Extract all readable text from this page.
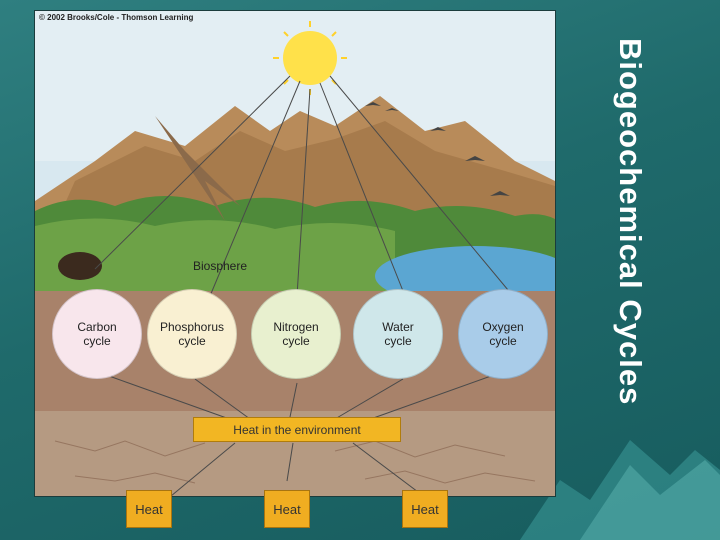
© 2002 Brooks/Cole - Thomson Learning
Biosphere
Carbon
cycle
Phosphorus
cycle
Nitrogen
cycle
Water
cycle
Oxygen
cycle
Heat in the environment
Heat	Heat	Heat
Biogeochemical Cycles
